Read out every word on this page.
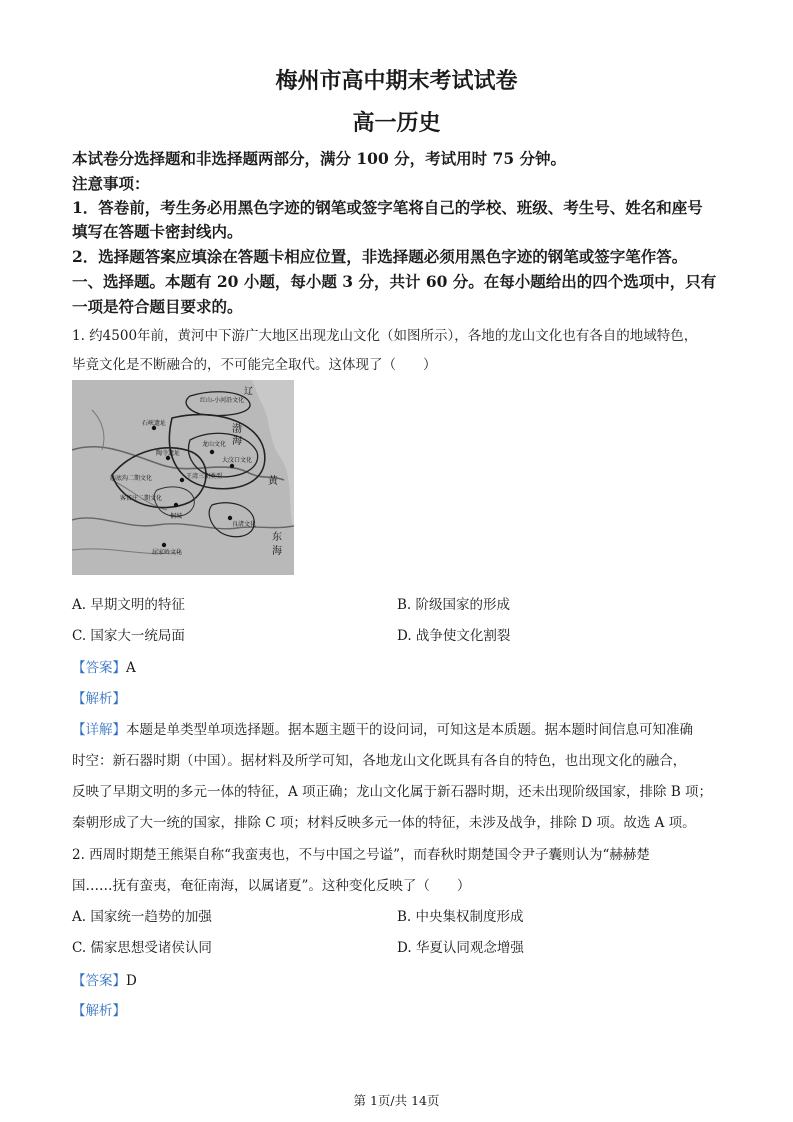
梅州市高中期末考试试卷
高一历史
本试卷分选择题和非选择题两部分，满分 100 分，考试用时 75 分钟。
注意事项：
1．答卷前，考生务必用黑色字迹的钢笔或签字笔将自己的学校、班级、考生号、姓名和座号
填写在答题卡密封线内。
2．选择题答案应填涂在答题卡相应位置，非选择题必须用黑色字迹的钢笔或签字笔作答。
一、选择题。本题有 20 小题，每小题 3 分，共计 60 分。在每小题给出的四个选项中，只有
一项是符合题目要求的。
1. 约4500年前，黄河中下游广大地区出现龙山文化（如图所示），各地的龙山文化也有各自的地域特色，
毕竟文化是不断融合的，不可能完全取代。这体现了（　　）
辽
红山-小河沿文化
石峡遗址
陶寺遗址
龙山文化
大汶口文化
庙底沟二期文化
客省庄二期文化
王湾三期类型
桐城
良渚文化
屈家岭文化
渤
海
黄
东
海
A. 早期文明的特征	B. 阶级国家的形成
C. 国家大一统局面	D. 战争使文化割裂
【答案】A
【解析】
【详解】本题是单类型单项选择题。据本题主题干的设问词，可知这是本质题。据本题时间信息可知准确
时空：新石器时期（中国）。据材料及所学可知，各地龙山文化既具有各自的特色，也出现文化的融合，
反映了早期文明的多元一体的特征，A 项正确；龙山文化属于新石器时期，还未出现阶级国家，排除 B 项；
秦朝形成了大一统的国家，排除 C 项；材料反映多元一体的特征，未涉及战争，排除 D 项。故选 A 项。
2. 西周时期楚王熊渠自称“我蛮夷也，不与中国之号谥”，而春秋时期楚国令尹子囊则认为“赫赫楚
国……抚有蛮夷，奄征南海，以属诸夏”。这种变化反映了（　　）
A. 国家统一趋势的加强	B. 中央集权制度形成
C. 儒家思想受诸侯认同	D. 华夏认同观念增强
【答案】D
【解析】
第 1页/共 14页
